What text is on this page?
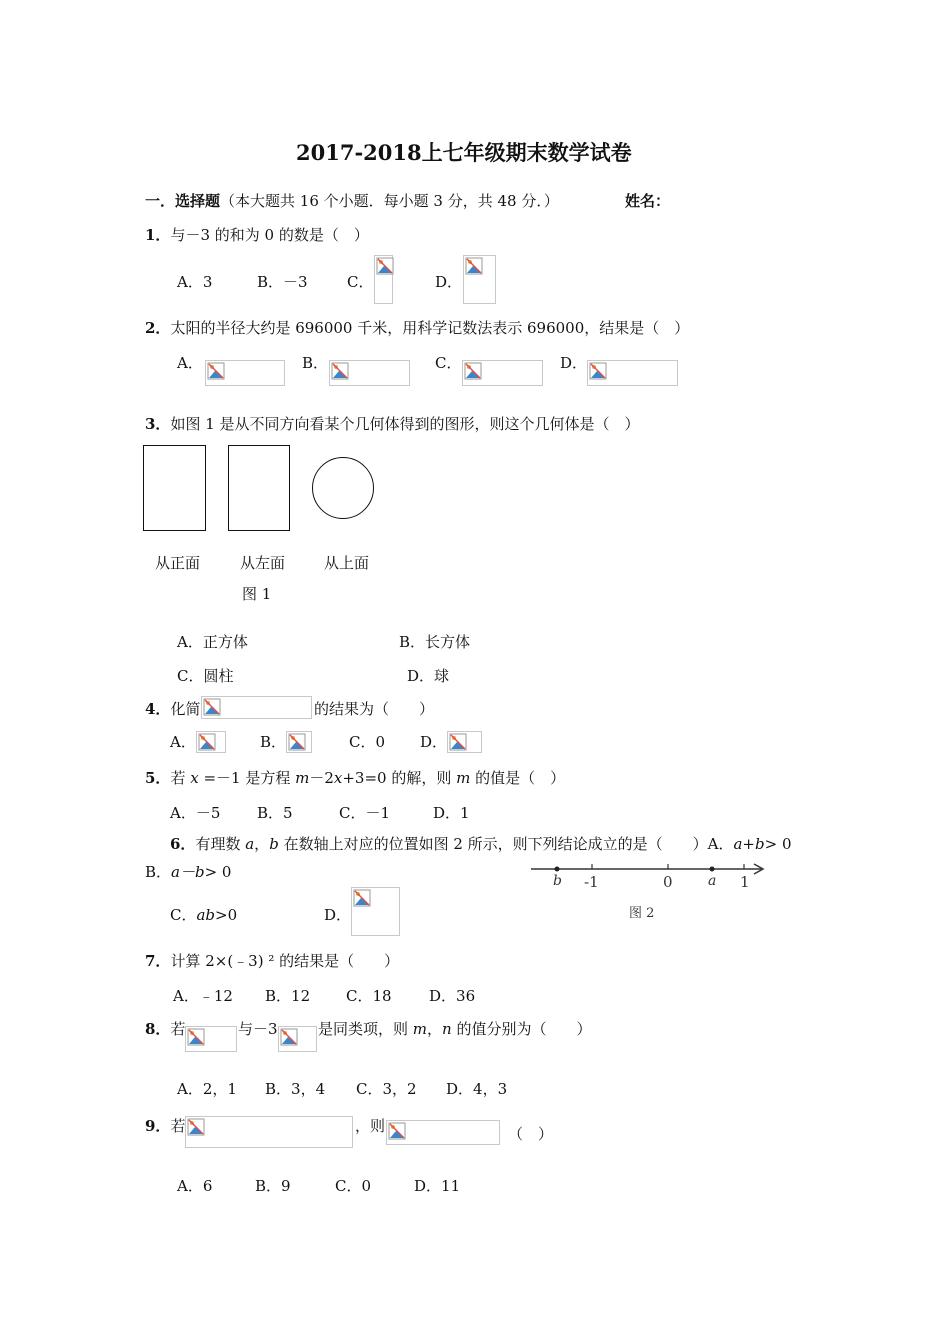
2017-2018上七年级期末数学试卷
一．选择题（本大题共 16 个小题．每小题 3 分，共 48 分．）	姓名：
1．与－3 的和为 0 的数是（　）
A．3	B．－3	C．	D．
2．太阳的半径大约是 696000 千米，用科学记数法表示 696000，结果是（　）
A．	B．	C．	D．
3．如图 1 是从不同方向看某个几何体得到的图形，则这个几何体是（　）
从正面	从左面	从上面
图 1
A．正方体	B．长方体
C．圆柱	D．球
4．化简	的结果为（　　）
A．	B．	C．0 D．
5．若 x =－1 是方程 m－2x+3=0 的解，则 m 的值是（　）
A．－5 B．5	C．－1	D．1
6．有理数 a，b 在数轴上对应的位置如图 2 所示，则下列结论成立的是（　　）A．a+b> 0
B．a－b> 0
C．ab>0	D．
b -1	0	a 1
图 2
7．计算 2×(﹣3) ² 的结果是（　　）
A．﹣12 B．12 C．18 D．36
8．若	与－3	是同类项，则 m，n 的值分别为（　　）
A．2，1 B．3，4 C．3，2 D．4，3
9．若	，则	（　）
A．6	B．9	C．0	D．11
